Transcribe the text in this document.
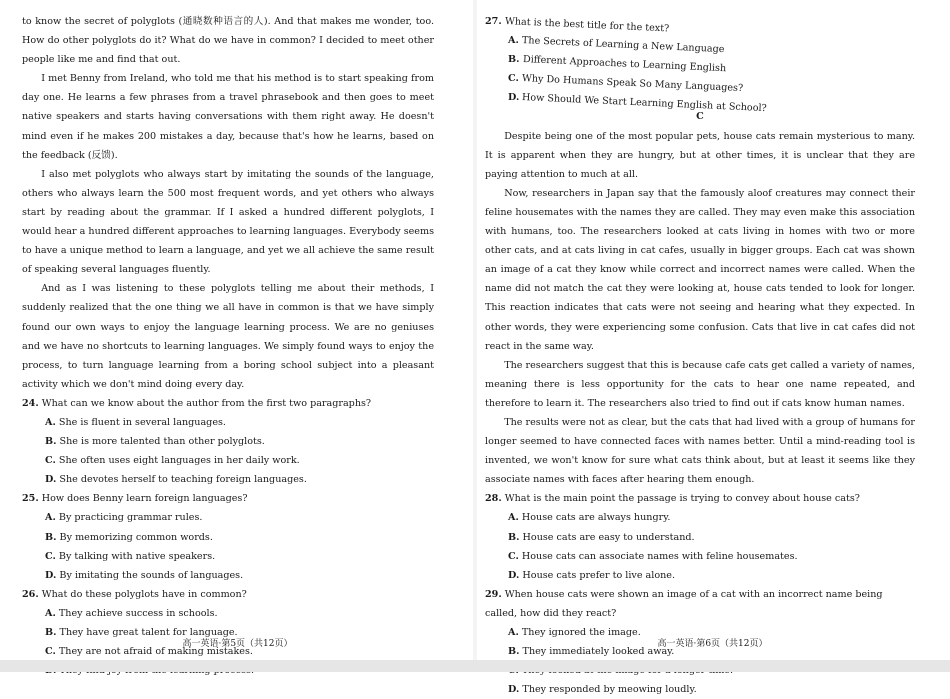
to know the secret of polyglots (通晓数种语言的人). And that makes me wonder, too. How do other polyglots do it? What do we have in common? I decided to meet other people like me and find that out.

I met Benny from Ireland, who told me that his method is to start speaking from day one. He learns a few phrases from a travel phrasebook and then goes to meet native speakers and starts having conversations with them right away. He doesn't mind even if he makes 200 mistakes a day, because that's how he learns, based on the feedback (反馈).

I also met polyglots who always start by imitating the sounds of the language, others who always learn the 500 most frequent words, and yet others who always start by reading about the grammar. If I asked a hundred different polyglots, I would hear a hundred different approaches to learning languages. Everybody seems to have a unique method to learn a language, and yet we all achieve the same result of speaking several languages fluently.

And as I was listening to these polyglots telling me about their methods, I suddenly realized that the one thing we all have in common is that we have simply found our own ways to enjoy the language learning process. We are no geniuses and we have no shortcuts to learning languages. We simply found ways to enjoy the process, to turn language learning from a boring school subject into a pleasant activity which we don't mind doing every day.

24. What can we know about the author from the first two paragraphs?
A. She is fluent in several languages.
B. She is more talented than other polyglots.
C. She often uses eight languages in her daily work.
D. She devotes herself to teaching foreign languages.
25. How does Benny learn foreign languages?
A. By practicing grammar rules.
B. By memorizing common words.
C. By talking with native speakers.
D. By imitating the sounds of languages.
26. What do these polyglots have in common?
A. They achieve success in schools.
B. They have great talent for language.
C. They are not afraid of making mistakes.
高一英语·第5页（共12页）
27. What is the best title for the text?
A. The Secrets of Learning a New Language
B. Different Approaches to Learning English
C. Why Do Humans Speak So Many Languages?
D. How Should We Start Learning English at School?
C

Despite being one of the most popular pets, house cats remain mysterious to many. It is apparent when they are hungry, but at other times, it is unclear that they are paying attention to much at all.

Now, researchers in Japan say that the famously aloof creatures may connect their feline housemates with the names they are called. They may even make this association with humans, too. The researchers looked at cats living in homes with two or more other cats, and at cats living in cat cafes, usually in bigger groups. Each cat was shown an image of a cat they know while correct and incorrect names were called. When the name did not match the cat they were looking at, house cats tended to look for longer. This reaction indicates that cats were not seeing and hearing what they expected. In other words, they were experiencing some confusion. Cats that live in cat cafes did not react in the same way.

The researchers suggest that this is because cafe cats get called a variety of names, meaning there is less opportunity for the cats to hear one name repeated, and therefore to learn it. The researchers also tried to find out if cats know human names.

The results were not as clear, but the cats that had lived with a group of humans for longer seemed to have connected faces with names better. Until a mind-reading tool is invented, we won't know for sure what cats think about, but at least it seems like they associate names with faces after hearing them enough.

28. What is the main point the passage is trying to convey about house cats?
A. House cats are always hungry.
B. House cats are easy to understand.
C. House cats can associate names with feline housemates.
D. House cats prefer to live alone.
29. When house cats were shown an image of a cat with an incorrect name being called, how did they react?
A. They ignored the image.
B. They immediately looked away.
D. They responded by meowing loudly.
高一英语·第6页（共12页）
